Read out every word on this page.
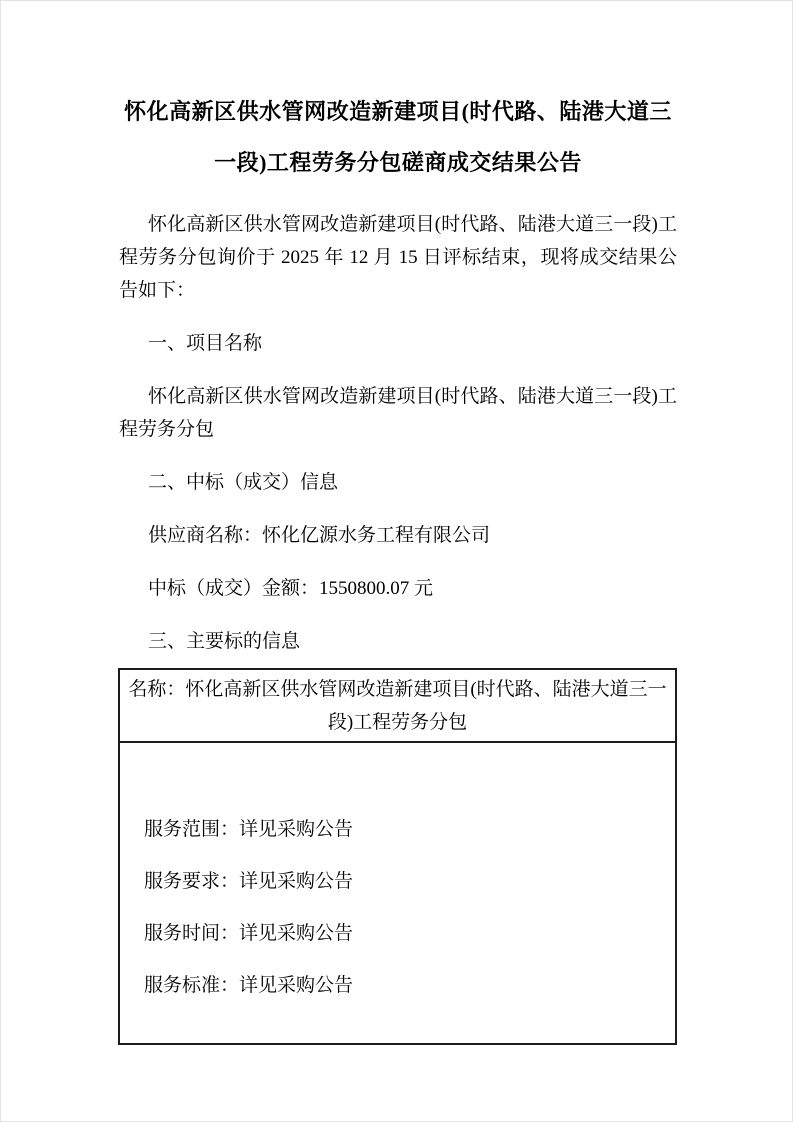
怀化高新区供水管网改造新建项目(时代路、陆港大道三一段)工程劳务分包磋商成交结果公告

怀化高新区供水管网改造新建项目(时代路、陆港大道三一段)工程劳务分包询价于 2025 年 12 月 15 日评标结束，现将成交结果公告如下：

一、项目名称

怀化高新区供水管网改造新建项目(时代路、陆港大道三一段)工程劳务分包

二、中标（成交）信息

供应商名称：怀化亿源水务工程有限公司

中标（成交）金额：1550800.07 元

三、主要标的信息

名称：怀化高新区供水管网改造新建项目(时代路、陆港大道三一段)工程劳务分包

服务范围：详见采购公告

服务要求：详见采购公告

服务时间：详见采购公告

服务标准：详见采购公告
